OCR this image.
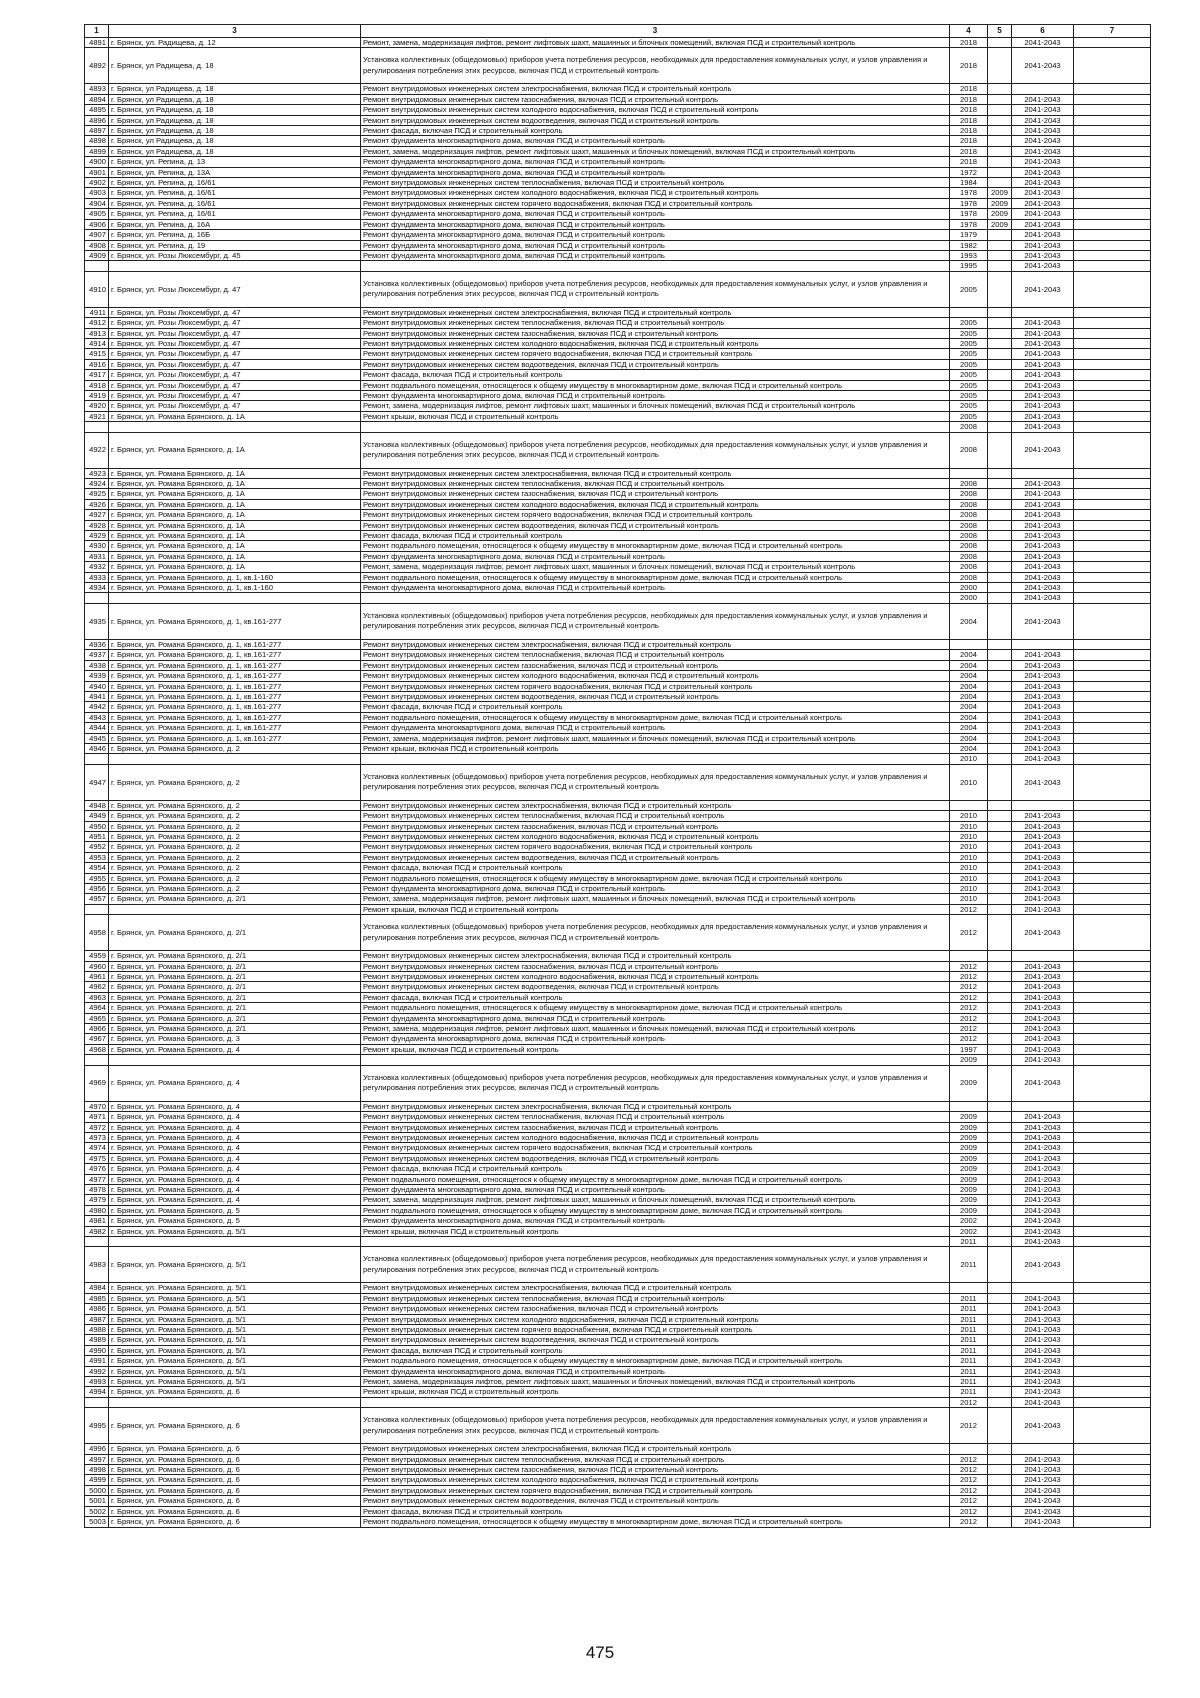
1	3	3	4	5	6	7
4891	г. Брянск, ул. Радищева, д. 12	Ремонт, замена, модернизация лифтов, ремонт лифтовых шахт, машинных и блочных помещений, включая ПСД и строительный контроль	2018		2041-2043	
4892	г. Брянск, ул Радищева, д. 18	Установка коллективных (общедомовых) приборов учета потребления ресурсов, необходимых для предоставления коммунальных услуг, и узлов управления и регулирования потребления этих ресурсов, включая ПСД и строительный контроль	2018		2041-2043	
4893	г. Брянск, ул Радищева, д. 18	Ремонт внутридомовых инженерных систем электроснабжения, включая ПСД и строительный контроль	2018			
4894	г. Брянск, ул Радищева, д. 18	Ремонт внутридомовых инженерных систем газоснабжения, включая ПСД и строительный контроль	2018		2041-2043	
4895	г. Брянск, ул Радищева, д. 18	Ремонт внутридомовых инженерных систем холодного водоснабжения, включая ПСД и строительный контроль	2018		2041-2043	
4896	г. Брянск, ул Радищева, д. 18	Ремонт внутридомовых инженерных систем водоотведения, включая ПСД и строительный контроль	2018		2041-2043	
4897	г. Брянск, ул Радищева, д. 18	Ремонт фасада, включая ПСД и строительный контроль	2018		2041-2043	
4898	г. Брянск, ул Радищева, д. 18	Ремонт фундамента многоквартирного дома, включая ПСД и строительный контроль	2018		2041-2043	
4899	г. Брянск, ул Радищева, д. 18	Ремонт, замена, модернизация лифтов, ремонт лифтовых шахт, машинных и блочных помещений, включая ПСД и строительный контроль	2018		2041-2043	
4900	г. Брянск, ул. Репина, д. 13	Ремонт фундамента многоквартирного дома, включая ПСД и строительный контроль	2018		2041-2043	
4901	г. Брянск, ул. Репина, д. 13А	Ремонт фундамента многоквартирного дома, включая ПСД и строительный контроль	1972		2041-2043	
4902	г. Брянск, ул. Репина, д. 16/61	Ремонт внутридомовых инженерных систем теплоснабжения, включая ПСД и строительный контроль	1984		2041-2043	
4903	г. Брянск, ул. Репина, д. 16/61	Ремонт внутридомовых инженерных систем холодного водоснабжения, включая ПСД и строительный контроль	1978	2009	2041-2043	
4904	г. Брянск, ул. Репина, д. 16/61	Ремонт внутридомовых инженерных систем горячего водоснабжения, включая ПСД и строительный контроль	1978	2009	2041-2043	
4905	г. Брянск, ул. Репина, д. 16/61	Ремонт фундамента многоквартирного дома, включая ПСД и строительный контроль	1978	2009	2041-2043	
4906	г. Брянск, ул. Репина, д. 16А	Ремонт фундамента многоквартирного дома, включая ПСД и строительный контроль	1978	2009	2041-2043	
4907	г. Брянск, ул. Репина, д. 16Б	Ремонт фундамента многоквартирного дома, включая ПСД и строительный контроль	1979		2041-2043	
4908	г. Брянск, ул. Репина, д. 19	Ремонт фундамента многоквартирного дома, включая ПСД и строительный контроль	1982		2041-2043	
4909	г. Брянск, ул. Розы Люксембург, д. 45	Ремонт фундамента многоквартирного дома, включая ПСД и строительный контроль	1993		2041-2043	
			1995		2041-2043	
4910	г. Брянск, ул. Розы Люксембург, д. 47	Установка коллективных (общедомовых) приборов учета потребления ресурсов, необходимых для предоставления коммунальных услуг, и узлов управления и регулирования потребления этих ресурсов, включая ПСД и строительный контроль	2005		2041-2043	
4911	г. Брянск, ул. Розы Люксембург, д. 47	Ремонт внутридомовых инженерных систем электроснабжения, включая ПСД и строительный контроль				
4912	г. Брянск, ул. Розы Люксембург, д. 47	Ремонт внутридомовых инженерных систем теплоснабжения, включая ПСД и строительный контроль	2005		2041-2043	
4913	г. Брянск, ул. Розы Люксембург, д. 47	Ремонт внутридомовых инженерных систем газоснабжения, включая ПСД и строительный контроль	2005		2041-2043	
4914	г. Брянск, ул. Розы Люксембург, д. 47	Ремонт внутридомовых инженерных систем холодного водоснабжения, включая ПСД и строительный контроль	2005		2041-2043	
4915	г. Брянск, ул. Розы Люксембург, д. 47	Ремонт внутридомовых инженерных систем горячего водоснабжения, включая ПСД и строительный контроль	2005		2041-2043	
4916	г. Брянск, ул. Розы Люксембург, д. 47	Ремонт внутридомовых инженерных систем водоотведения, включая ПСД и строительный контроль	2005		2041-2043	
4917	г. Брянск, ул. Розы Люксембург, д. 47	Ремонт фасада, включая ПСД и строительный контроль	2005		2041-2043	
4918	г. Брянск, ул. Розы Люксембург, д. 47	Ремонт подвального помещения, относящегося к общему имуществу в многоквартирном доме, включая ПСД и строительный контроль	2005		2041-2043	
4919	г. Брянск, ул. Розы Люксембург, д. 47	Ремонт фундамента многоквартирного дома, включая ПСД и строительный контроль	2005		2041-2043	
4920	г. Брянск, ул. Розы Люксембург, д. 47	Ремонт, замена, модернизация лифтов, ремонт лифтовых шахт, машинных и блочных помещений, включая ПСД и строительный контроль	2005		2041-2043	
4921	г. Брянск, ул. Романа Брянского, д. 1А	Ремонт крыши, включая ПСД и строительный контроль	2005		2041-2043	
			2008		2041-2043	
4922	г. Брянск, ул. Романа Брянского, д. 1А	Установка коллективных (общедомовых) приборов учета потребления ресурсов, необходимых для предоставления коммунальных услуг, и узлов управления и регулирования потребления этих ресурсов, включая ПСД и строительный контроль	2008		2041-2043	
4923	г. Брянск, ул. Романа Брянского, д. 1А	Ремонт внутридомовых инженерных систем электроснабжения, включая ПСД и строительный контроль				
4924	г. Брянск, ул. Романа Брянского, д. 1А	Ремонт внутридомовых инженерных систем теплоснабжения, включая ПСД и строительный контроль	2008		2041-2043	
4925	г. Брянск, ул. Романа Брянского, д. 1А	Ремонт внутридомовых инженерных систем газоснабжения, включая ПСД и строительный контроль	2008		2041-2043	
4926	г. Брянск, ул. Романа Брянского, д. 1А	Ремонт внутридомовых инженерных систем холодного водоснабжения, включая ПСД и строительный контроль	2008		2041-2043	
4927	г. Брянск, ул. Романа Брянского, д. 1А	Ремонт внутридомовых инженерных систем горячего водоснабжения, включая ПСД и строительный контроль	2008		2041-2043	
4928	г. Брянск, ул. Романа Брянского, д. 1А	Ремонт внутридомовых инженерных систем водоотведения, включая ПСД и строительный контроль	2008		2041-2043	
4929	г. Брянск, ул. Романа Брянского, д. 1А	Ремонт фасада, включая ПСД и строительный контроль	2008		2041-2043	
4930	г. Брянск, ул. Романа Брянского, д. 1А	Ремонт подвального помещения, относящегося к общему имуществу в многоквартирном доме, включая ПСД и строительный контроль	2008		2041-2043	
4931	г. Брянск, ул. Романа Брянского, д. 1А	Ремонт фундамента многоквартирного дома, включая ПСД и строительный контроль	2008		2041-2043	
4932	г. Брянск, ул. Романа Брянского, д. 1А	Ремонт, замена, модернизация лифтов, ремонт лифтовых шахт, машинных и блочных помещений, включая ПСД и строительный контроль	2008		2041-2043	
4933	г. Брянск, ул. Романа Брянского, д. 1, кв.1-160	Ремонт подвального помещения, относящегося к общему имуществу в многоквартирном доме, включая ПСД и строительный контроль	2008		2041-2043	
4934	г. Брянск, ул. Романа Брянского, д. 1, кв.1-160	Ремонт фундамента многоквартирного дома, включая ПСД и строительный контроль	2000		2041-2043	
			2000		2041-2043	
4935	г. Брянск, ул. Романа Брянского, д. 1, кв.161-277	Установка коллективных (общедомовых) приборов учета потребления ресурсов, необходимых для предоставления коммунальных услуг, и узлов управления и регулирования потребления этих ресурсов, включая ПСД и строительный контроль	2004		2041-2043	
4936	г. Брянск, ул. Романа Брянского, д. 1, кв.161-277	Ремонт внутридомовых инженерных систем электроснабжения, включая ПСД и строительный контроль				
4937	г. Брянск, ул. Романа Брянского, д. 1, кв.161-277	Ремонт внутридомовых инженерных систем теплоснабжения, включая ПСД и строительный контроль	2004		2041-2043	
4938	г. Брянск, ул. Романа Брянского, д. 1, кв.161-277	Ремонт внутридомовых инженерных систем газоснабжения, включая ПСД и строительный контроль	2004		2041-2043	
4939	г. Брянск, ул. Романа Брянского, д. 1, кв.161-277	Ремонт внутридомовых инженерных систем холодного водоснабжения, включая ПСД и строительный контроль	2004		2041-2043	
4940	г. Брянск, ул. Романа Брянского, д. 1, кв.161-277	Ремонт внутридомовых инженерных систем горячего водоснабжения, включая ПСД и строительный контроль	2004		2041-2043	
4941	г. Брянск, ул. Романа Брянского, д. 1, кв.161-277	Ремонт внутридомовых инженерных систем водоотведения, включая ПСД и строительный контроль	2004		2041-2043	
4942	г. Брянск, ул. Романа Брянского, д. 1, кв.161-277	Ремонт фасада, включая ПСД и строительный контроль	2004		2041-2043	
4943	г. Брянск, ул. Романа Брянского, д. 1, кв.161-277	Ремонт подвального помещения, относящегося к общему имуществу в многоквартирном доме, включая ПСД и строительный контроль	2004		2041-2043	
4944	г. Брянск, ул. Романа Брянского, д. 1, кв.161-277	Ремонт фундамента многоквартирного дома, включая ПСД и строительный контроль	2004		2041-2043	
4945	г. Брянск, ул. Романа Брянского, д. 1, кв.161-277	Ремонт, замена, модернизация лифтов, ремонт лифтовых шахт, машинных и блочных помещений, включая ПСД и строительный контроль	2004		2041-2043	
4946	г. Брянск, ул. Романа Брянского, д. 2	Ремонт крыши, включая ПСД и строительный контроль	2004		2041-2043	
			2010		2041-2043	
4947	г. Брянск, ул. Романа Брянского, д. 2	Установка коллективных (общедомовых) приборов учета потребления ресурсов, необходимых для предоставления коммунальных услуг, и узлов управления и регулирования потребления этих ресурсов, включая ПСД и строительный контроль	2010		2041-2043	
4948	г. Брянск, ул. Романа Брянского, д. 2	Ремонт внутридомовых инженерных систем электроснабжения, включая ПСД и строительный контроль				
4949	г. Брянск, ул. Романа Брянского, д. 2	Ремонт внутридомовых инженерных систем теплоснабжения, включая ПСД и строительный контроль	2010		2041-2043	
4950	г. Брянск, ул. Романа Брянского, д. 2	Ремонт внутридомовых инженерных систем газоснабжения, включая ПСД и строительный контроль	2010		2041-2043	
4951	г. Брянск, ул. Романа Брянского, д. 2	Ремонт внутридомовых инженерных систем холодного водоснабжения, включая ПСД и строительный контроль	2010		2041-2043	
4952	г. Брянск, ул. Романа Брянского, д. 2	Ремонт внутридомовых инженерных систем горячего водоснабжения, включая ПСД и строительный контроль	2010		2041-2043	
4953	г. Брянск, ул. Романа Брянского, д. 2	Ремонт внутридомовых инженерных систем водоотведения, включая ПСД и строительный контроль	2010		2041-2043	
4954	г. Брянск, ул. Романа Брянского, д. 2	Ремонт фасада, включая ПСД и строительный контроль	2010		2041-2043	
4955	г. Брянск, ул. Романа Брянского, д. 2	Ремонт подвального помещения, относящегося к общему имуществу в многоквартирном доме, включая ПСД и строительный контроль	2010		2041-2043	
4956	г. Брянск, ул. Романа Брянского, д. 2	Ремонт фундамента многоквартирного дома, включая ПСД и строительный контроль	2010		2041-2043	
4957	г. Брянск, ул. Романа Брянского, д. 2/1	Ремонт, замена, модернизация лифтов, ремонт лифтовых шахт, машинных и блочных помещений, включая ПСД и строительный контроль	2010		2041-2043	
		Ремонт крыши, включая ПСД и строительный контроль	2012		2041-2043	
4958	г. Брянск, ул. Романа Брянского, д. 2/1	Установка коллективных (общедомовых) приборов учета потребления ресурсов, необходимых для предоставления коммунальных услуг, и узлов управления и регулирования потребления этих ресурсов, включая ПСД и строительный контроль	2012		2041-2043	
4959	г. Брянск, ул. Романа Брянского, д. 2/1	Ремонт внутридомовых инженерных систем электроснабжения, включая ПСД и строительный контроль				
4960	г. Брянск, ул. Романа Брянского, д. 2/1	Ремонт внутридомовых инженерных систем газоснабжения, включая ПСД и строительный контроль	2012		2041-2043	
4961	г. Брянск, ул. Романа Брянского, д. 2/1	Ремонт внутридомовых инженерных систем холодного водоснабжения, включая ПСД и строительный контроль	2012		2041-2043	
4962	г. Брянск, ул. Романа Брянского, д. 2/1	Ремонт внутридомовых инженерных систем водоотведения, включая ПСД и строительный контроль	2012		2041-2043	
4963	г. Брянск, ул. Романа Брянского, д. 2/1	Ремонт фасада, включая ПСД и строительный контроль	2012		2041-2043	
4964	г. Брянск, ул. Романа Брянского, д. 2/1	Ремонт подвального помещения, относящегося к общему имуществу в многоквартирном доме, включая ПСД и строительный контроль	2012		2041-2043	
4965	г. Брянск, ул. Романа Брянского, д. 2/1	Ремонт фундамента многоквартирного дома, включая ПСД и строительный контроль	2012		2041-2043	
4966	г. Брянск, ул. Романа Брянского, д. 2/1	Ремонт, замена, модернизация лифтов, ремонт лифтовых шахт, машинных и блочных помещений, включая ПСД и строительный контроль	2012		2041-2043	
4967	г. Брянск, ул. Романа Брянского, д. 3	Ремонт фундамента многоквартирного дома, включая ПСД и строительный контроль	2012		2041-2043	
4968	г. Брянск, ул. Романа Брянского, д. 4	Ремонт крыши, включая ПСД и строительный контроль	1997		2041-2043	
			2009		2041-2043	
4969	г. Брянск, ул. Романа Брянского, д. 4	Установка коллективных (общедомовых) приборов учета потребления ресурсов, необходимых для предоставления коммунальных услуг, и узлов управления и регулирования потребления этих ресурсов, включая ПСД и строительный контроль	2009		2041-2043	
4970	г. Брянск, ул. Романа Брянского, д. 4	Ремонт внутридомовых инженерных систем электроснабжения, включая ПСД и строительный контроль				
4971	г. Брянск, ул. Романа Брянского, д. 4	Ремонт внутридомовых инженерных систем теплоснабжения, включая ПСД и строительный контроль	2009		2041-2043	
4972	г. Брянск, ул. Романа Брянского, д. 4	Ремонт внутридомовых инженерных систем газоснабжения, включая ПСД и строительный контроль	2009		2041-2043	
4973	г. Брянск, ул. Романа Брянского, д. 4	Ремонт внутридомовых инженерных систем холодного водоснабжения, включая ПСД и строительный контроль	2009		2041-2043	
4974	г. Брянск, ул. Романа Брянского, д. 4	Ремонт внутридомовых инженерных систем горячего водоснабжения, включая ПСД и строительный контроль	2009		2041-2043	
4975	г. Брянск, ул. Романа Брянского, д. 4	Ремонт внутридомовых инженерных систем водоотведения, включая ПСД и строительный контроль	2009		2041-2043	
4976	г. Брянск, ул. Романа Брянского, д. 4	Ремонт фасада, включая ПСД и строительный контроль	2009		2041-2043	
4977	г. Брянск, ул. Романа Брянского, д. 4	Ремонт подвального помещения, относящегося к общему имуществу в многоквартирном доме, включая ПСД и строительный контроль	2009		2041-2043	
4978	г. Брянск, ул. Романа Брянского, д. 4	Ремонт фундамента многоквартирного дома, включая ПСД и строительный контроль	2009		2041-2043	
4979	г. Брянск, ул. Романа Брянского, д. 4	Ремонт, замена, модернизация лифтов, ремонт лифтовых шахт, машинных и блочных помещений, включая ПСД и строительный контроль	2009		2041-2043	
4980	г. Брянск, ул. Романа Брянского, д. 5	Ремонт подвального помещения, относящегося к общему имуществу в многоквартирном доме, включая ПСД и строительный контроль	2009		2041-2043	
4981	г. Брянск, ул. Романа Брянского, д. 5	Ремонт фундамента многоквартирного дома, включая ПСД и строительный контроль	2002		2041-2043	
4982	г. Брянск, ул. Романа Брянского, д. 5/1	Ремонт крыши, включая ПСД и строительный контроль	2002		2041-2043	
			2011		2041-2043	
4983	г. Брянск, ул. Романа Брянского, д. 5/1	Установка коллективных (общедомовых) приборов учета потребления ресурсов, необходимых для предоставления коммунальных услуг, и узлов управления и регулирования потребления этих ресурсов, включая ПСД и строительный контроль	2011		2041-2043	
4984	г. Брянск, ул. Романа Брянского, д. 5/1	Ремонт внутридомовых инженерных систем электроснабжения, включая ПСД и строительный контроль				
4985	г. Брянск, ул. Романа Брянского, д. 5/1	Ремонт внутридомовых инженерных систем теплоснабжения, включая ПСД и строительный контроль	2011		2041-2043	
4986	г. Брянск, ул. Романа Брянского, д. 5/1	Ремонт внутридомовых инженерных систем газоснабжения, включая ПСД и строительный контроль	2011		2041-2043	
4987	г. Брянск, ул. Романа Брянского, д. 5/1	Ремонт внутридомовых инженерных систем холодного водоснабжения, включая ПСД и строительный контроль	2011		2041-2043	
4988	г. Брянск, ул. Романа Брянского, д. 5/1	Ремонт внутридомовых инженерных систем горячего водоснабжения, включая ПСД и строительный контроль	2011		2041-2043	
4989	г. Брянск, ул. Романа Брянского, д. 5/1	Ремонт внутридомовых инженерных систем водоотведения, включая ПСД и строительный контроль	2011		2041-2043	
4990	г. Брянск, ул. Романа Брянского, д. 5/1	Ремонт фасада, включая ПСД и строительный контроль	2011		2041-2043	
4991	г. Брянск, ул. Романа Брянского, д. 5/1	Ремонт подвального помещения, относящегося к общему имуществу в многоквартирном доме, включая ПСД и строительный контроль	2011		2041-2043	
4992	г. Брянск, ул. Романа Брянского, д. 5/1	Ремонт фундамента многоквартирного дома, включая ПСД и строительный контроль	2011		2041-2043	
4993	г. Брянск, ул. Романа Брянского, д. 5/1	Ремонт, замена, модернизация лифтов, ремонт лифтовых шахт, машинных и блочных помещений, включая ПСД и строительный контроль	2011		2041-2043	
4994	г. Брянск, ул. Романа Брянского, д. 6	Ремонт крыши, включая ПСД и строительный контроль	2011		2041-2043	
			2012		2041-2043	
4995	г. Брянск, ул. Романа Брянского, д. 6	Установка коллективных (общедомовых) приборов учета потребления ресурсов, необходимых для предоставления коммунальных услуг, и узлов управления и регулирования потребления этих ресурсов, включая ПСД и строительный контроль	2012		2041-2043	
4996	г. Брянск, ул. Романа Брянского, д. 6	Ремонт внутридомовых инженерных систем электроснабжения, включая ПСД и строительный контроль				
4997	г. Брянск, ул. Романа Брянского, д. 6	Ремонт внутридомовых инженерных систем теплоснабжения, включая ПСД и строительный контроль	2012		2041-2043	
4998	г. Брянск, ул. Романа Брянского, д. 6	Ремонт внутридомовых инженерных систем газоснабжения, включая ПСД и строительный контроль	2012		2041-2043	
4999	г. Брянск, ул. Романа Брянского, д. 6	Ремонт внутридомовых инженерных систем холодного водоснабжения, включая ПСД и строительный контроль	2012		2041-2043	
5000	г. Брянск, ул. Романа Брянского, д. 6	Ремонт внутридомовых инженерных систем горячего водоснабжения, включая ПСД и строительный контроль	2012		2041-2043	
5001	г. Брянск, ул. Романа Брянского, д. 6	Ремонт внутридомовых инженерных систем водоотведения, включая ПСД и строительный контроль	2012		2041-2043	
5002	г. Брянск, ул. Романа Брянского, д. 6	Ремонт фасада, включая ПСД и строительный контроль	2012		2041-2043	
5003	г. Брянск, ул. Романа Брянского, д. 6	Ремонт подвального помещения, относящегося к общему имуществу в многоквартирном доме, включая ПСД и строительный контроль	2012		2041-2043	
475
